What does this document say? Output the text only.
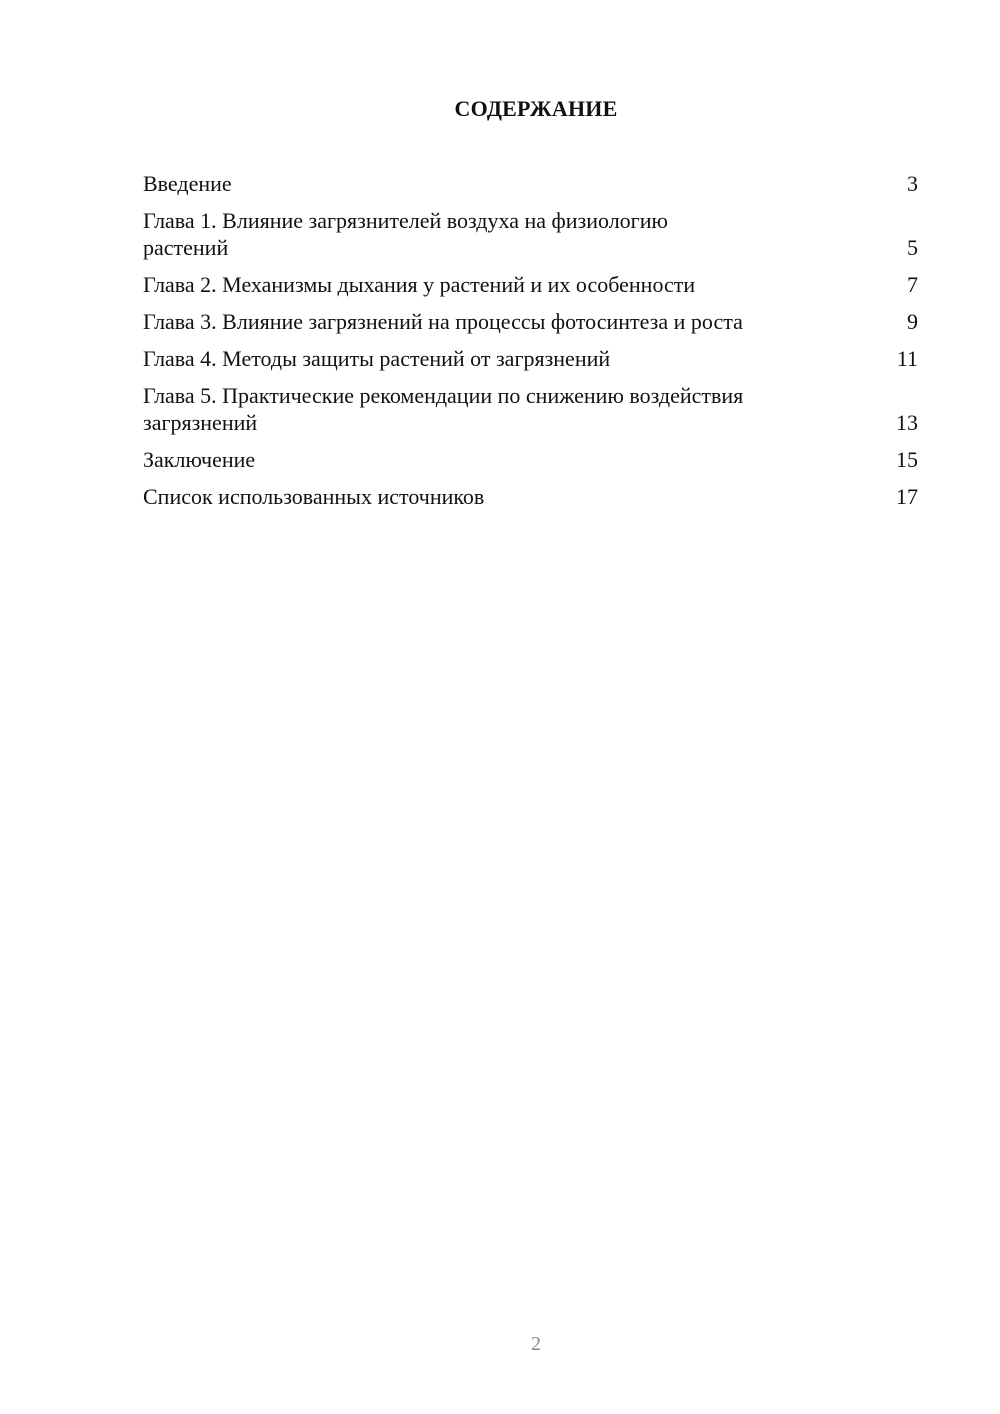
СОДЕРЖАНИЕ
Введение	3
Глава 1. Влияние загрязнителей воздуха на физиологию растений	5
Глава 2. Механизмы дыхания у растений и их особенности	7
Глава 3. Влияние загрязнений на процессы фотосинтеза и роста	9
Глава 4. Методы защиты растений от загрязнений	11
Глава 5. Практические рекомендации по снижению воздействия загрязнений	13
Заключение	15
Список использованных источников	17
2
